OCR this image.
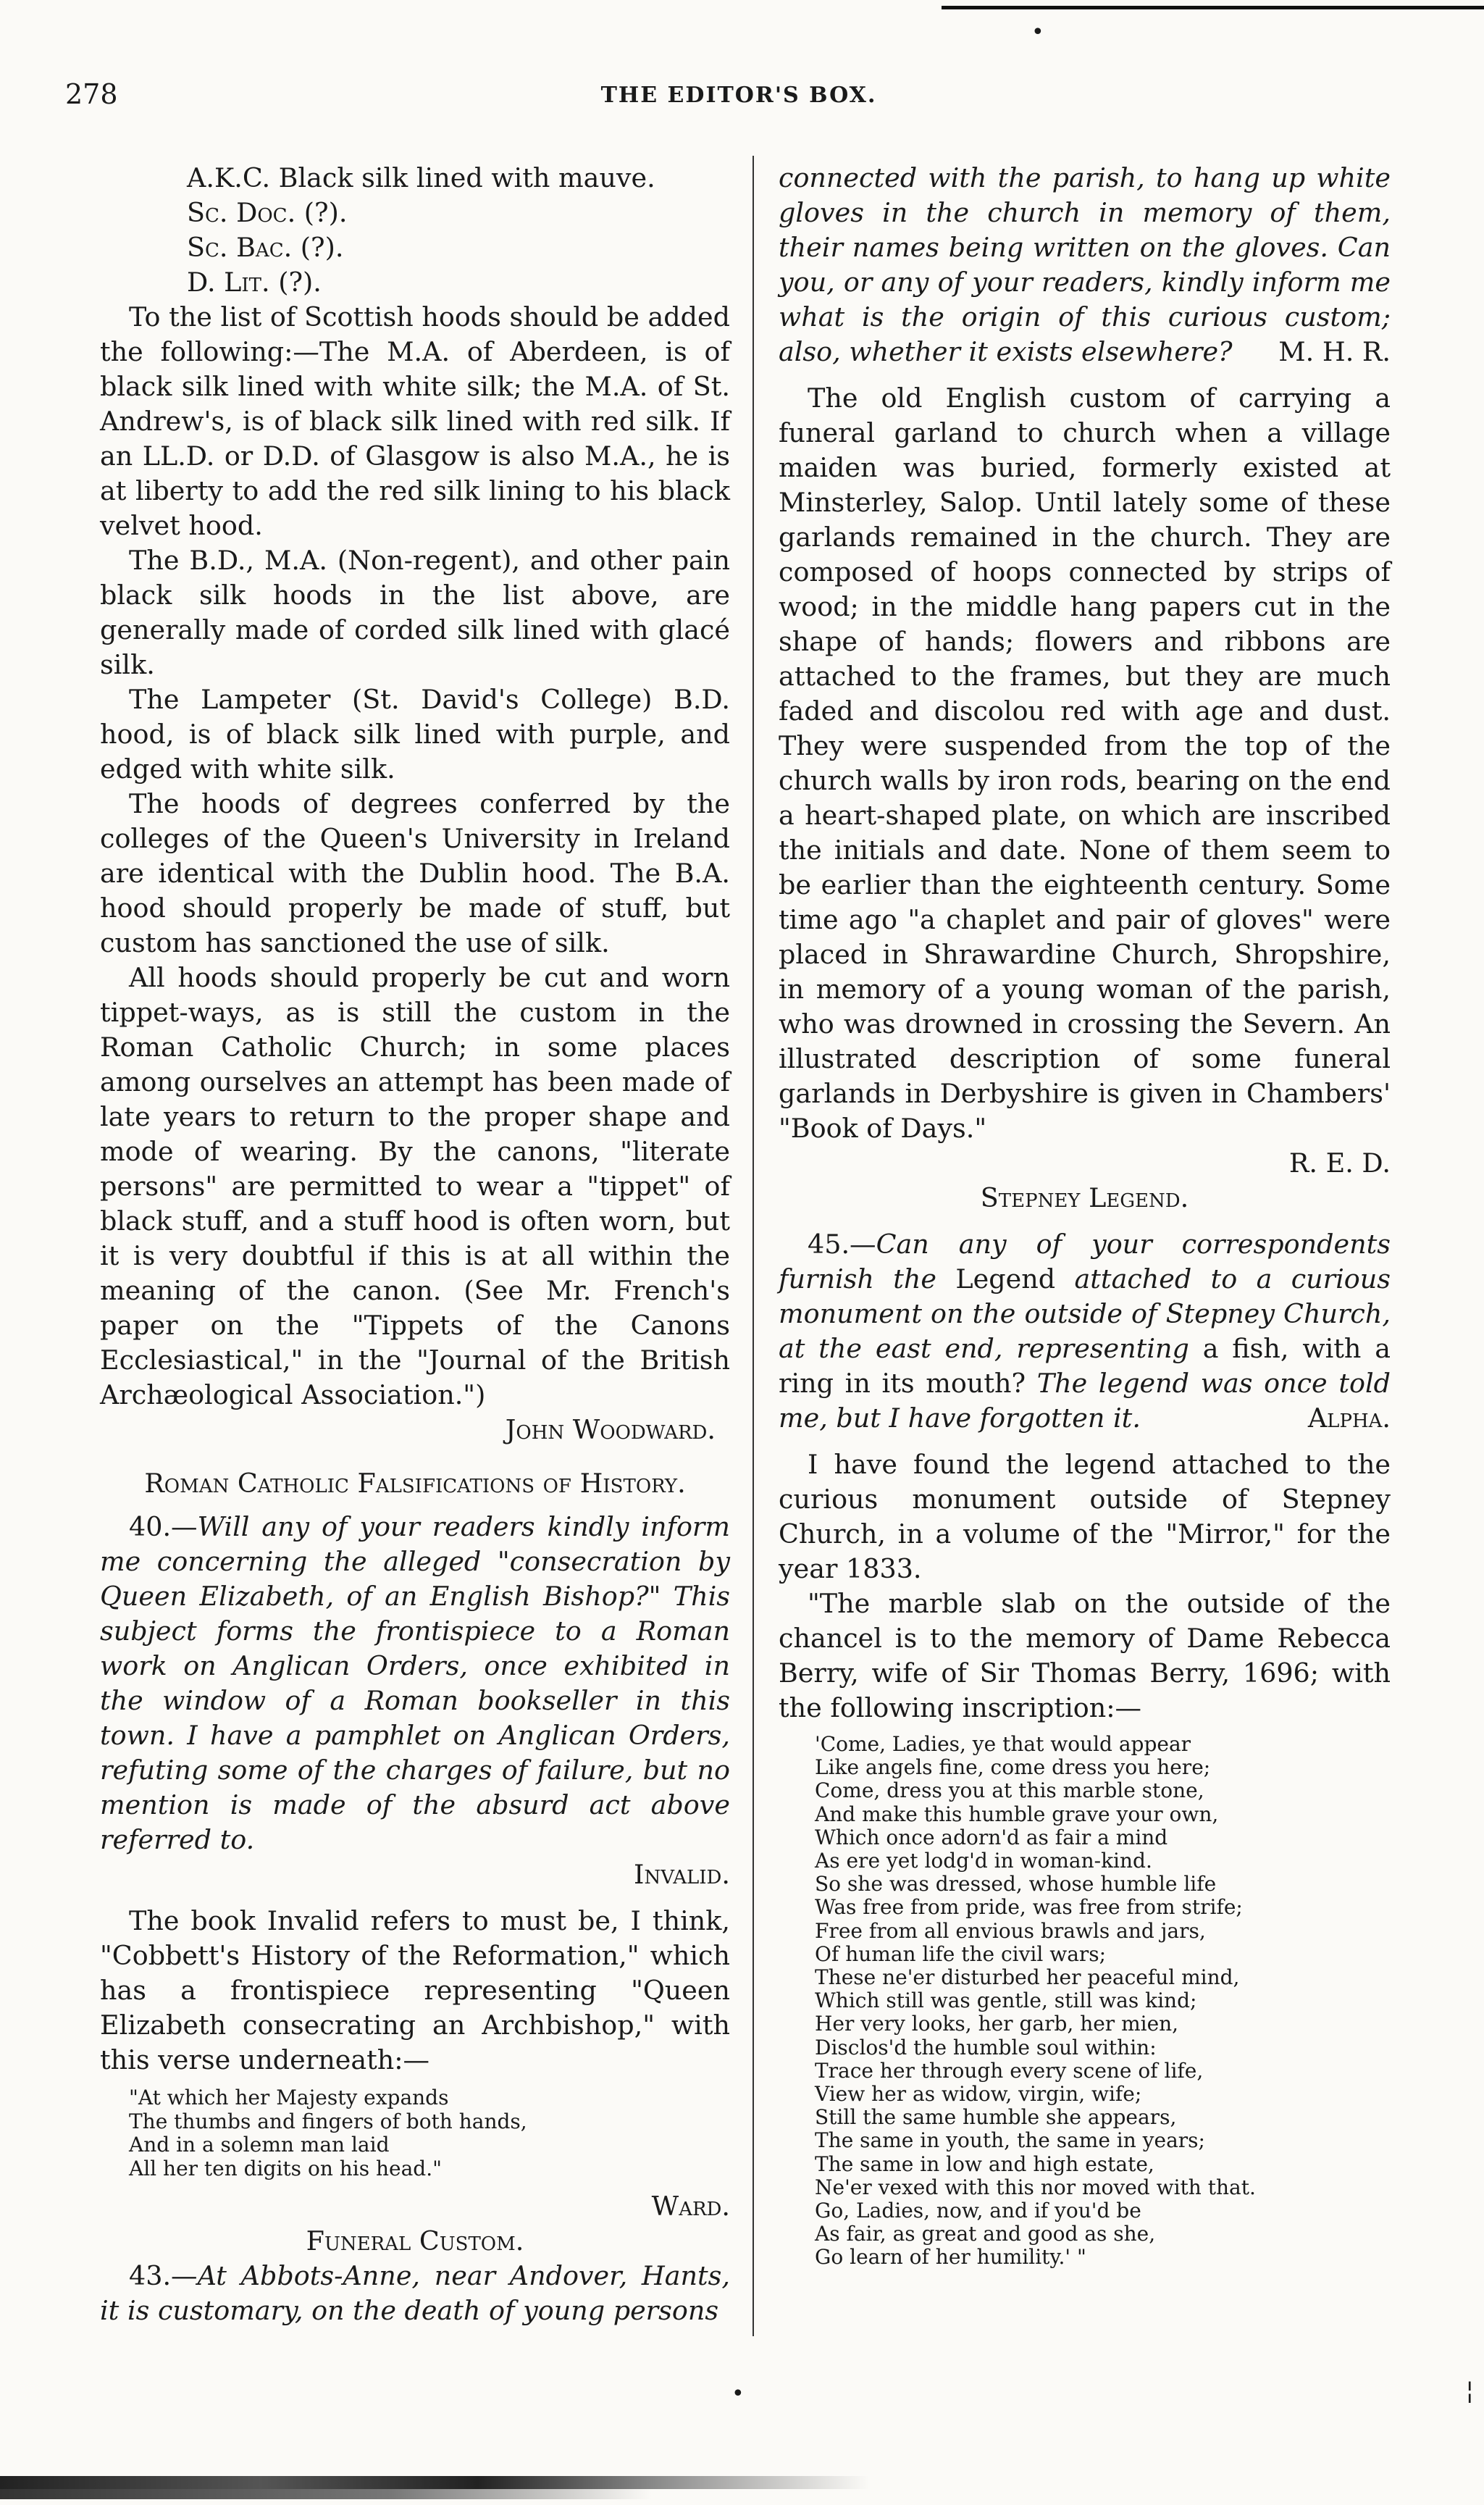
•
278	THE EDITOR'S BOX.
A.K.C. Black silk lined with mauve.
Sc. Doc. (?).
Sc. Bac. (?).
D. Lit. (?).

To the list of Scottish hoods should be added the following:—The M.A. of Aberdeen, is of black silk lined with white silk; the M.A. of St. Andrew's, is of black silk lined with red silk. If an LL.D. or D.D. of Glasgow is also M.A., he is at liberty to add the red silk lining to his black velvet hood.

The B.D., M.A. (Non-regent), and other pain black silk hoods in the list above, are generally made of corded silk lined with glacé silk.

The Lampeter (St. David's College) B.D. hood, is of black silk lined with purple, and edged with white silk.

The hoods of degrees conferred by the colleges of the Queen's University in Ireland are identical with the Dublin hood. The B.A. hood should properly be made of stuff, but custom has sanctioned the use of silk.

All hoods should properly be cut and worn tippet-ways, as is still the custom in the Roman Catholic Church; in some places among ourselves an attempt has been made of late years to return to the proper shape and mode of wearing. By the canons, "literate persons" are permitted to wear a "tippet" of black stuff, and a stuff hood is often worn, but it is very doubtful if this is at all within the meaning of the canon. (See Mr. French's paper on the "Tippets of the Canons Ecclesiastical," in the "Journal of the British Archæological Association.")

John Woodward.
Roman Catholic Falsifications of History.

40.—Will any of your readers kindly inform me concerning the alleged "consecration by Queen Elizabeth, of an English Bishop?" This subject forms the frontispiece to a Roman work on Anglican Orders, once exhibited in the window of a Roman bookseller in this town. I have a pamphlet on Anglican Orders, refuting some of the charges of failure, but no mention is made of the absurd act above referred to.

Invalid.

The book Invalid refers to must be, I think, "Cobbett's History of the Reformation," which has a frontispiece representing "Queen Elizabeth consecrating an Archbishop," with this verse underneath:—

"At which her Majesty expands
The thumbs and fingers of both hands,
And in a solemn man laid
All her ten digits on his head."
Ward.
Funeral Custom.

43.—At Abbots-Anne, near Andover, Hants, it is customary, on the death of young persons

connected with the parish, to hang up white gloves in the church in memory of them, their names being written on the gloves. Can you, or any of your readers, kindly inform me what is the origin of this curious custom; also, whether it exists elsewhere? M. H. R.

The old English custom of carrying a funeral garland to church when a village maiden was buried, formerly existed at Minsterley, Salop. Until lately some of these garlands remained in the church. They are composed of hoops connected by strips of wood; in the middle hang papers cut in the shape of hands; flowers and ribbons are attached to the frames, but they are much faded and discolou red with age and dust. They were suspended from the top of the church walls by iron rods, bearing on the end a heart-shaped plate, on which are inscribed the initials and date. None of them seem to be earlier than the eighteenth century. Some time ago "a chaplet and pair of gloves" were placed in Shrawardine Church, Shropshire, in memory of a young woman of the parish, who was drowned in crossing the Severn. An illustrated description of some funeral garlands in Derbyshire is given in Chambers' "Book of Days."

R. E. D.
Stepney Legend.

45.—Can any of your correspondents furnish the Legend attached to a curious monument on the outside of Stepney Church, at the east end, representing a fish, with a ring in its mouth? The legend was once told me, but I have forgotten it.	Alpha.

I have found the legend attached to the curious monument outside of Stepney Church, in a volume of the "Mirror," for the year 1833.

"The marble slab on the outside of the chancel is to the memory of Dame Rebecca Berry, wife of Sir Thomas Berry, 1696; with the following inscription:—

'Come, Ladies, ye that would appear
Like angels fine, come dress you here;
Come, dress you at this marble stone,
And make this humble grave your own,
Which once adorn'd as fair a mind
As ere yet lodg'd in woman-kind.
So she was dressed, whose humble life
Was free from pride, was free from strife;
Free from all envious brawls and jars,
Of human life the civil wars;
These ne'er disturbed her peaceful mind,
Which still was gentle, still was kind;
Her very looks, her garb, her mien,
Disclos'd the humble soul within:
Trace her through every scene of life,
View her as widow, virgin, wife;
Still the same humble she appears,
The same in youth, the same in years;
The same in low and high estate,
Ne'er vexed with this nor moved with that.
Go, Ladies, now, and if you'd be
As fair, as great and good as she,
Go learn of her humility.' "
•	¦
